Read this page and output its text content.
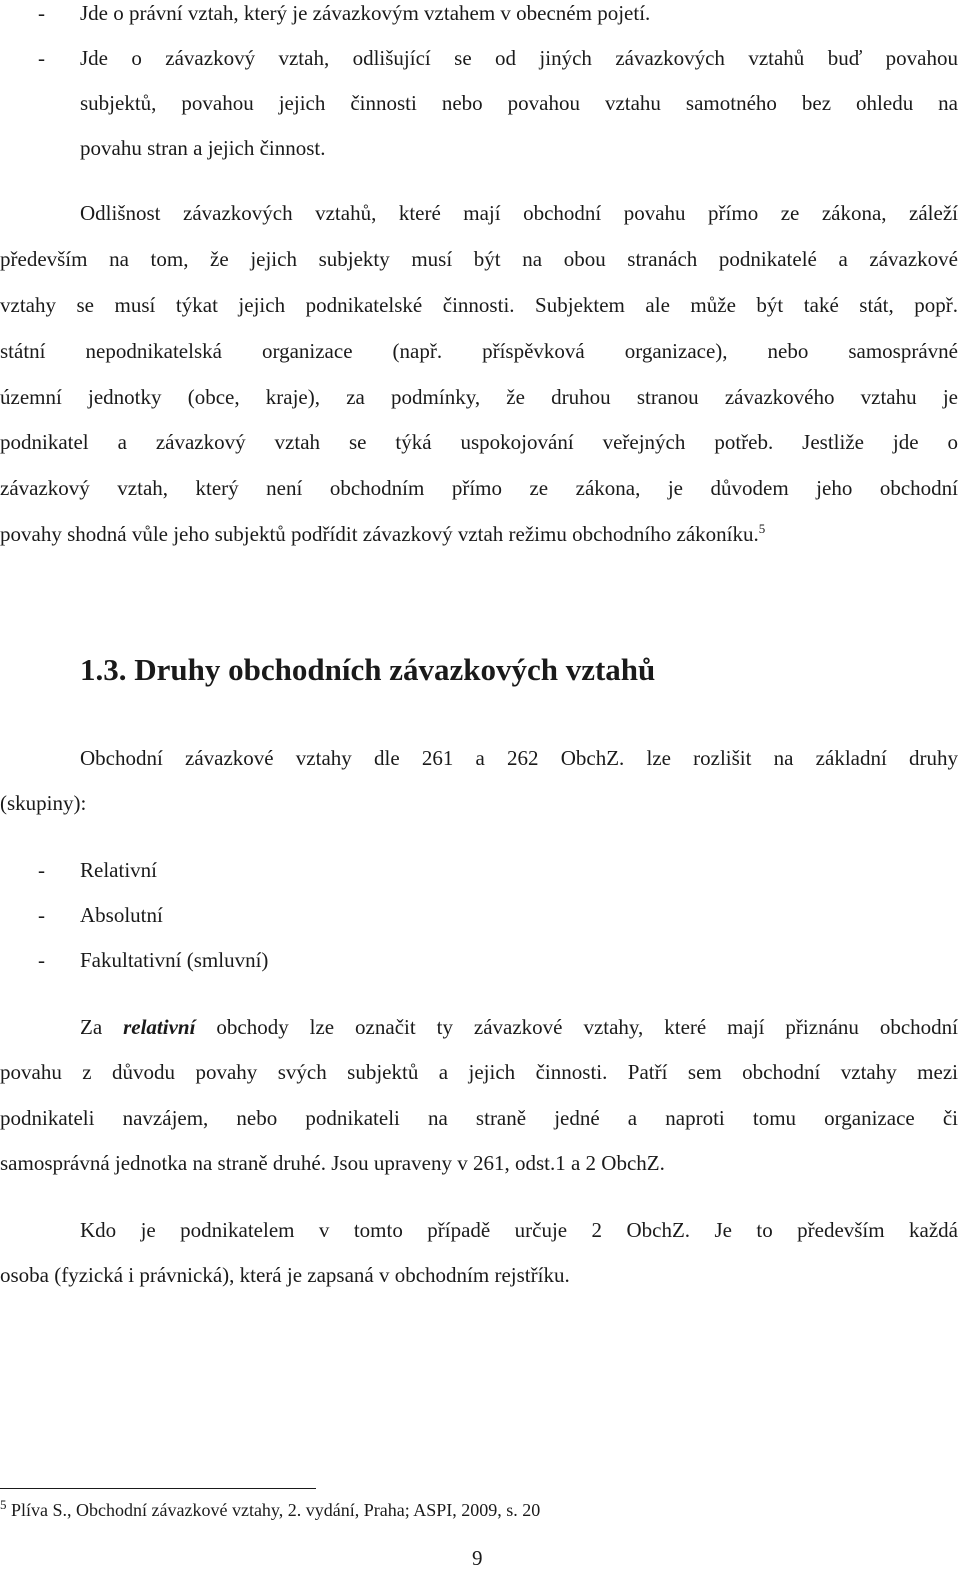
- Jde o právní vztah, který je závazkovým vztahem v obecném pojetí.
- Jde o závazkový vztah, odlišující se od jiných závazkových vztahů buď povahou
subjektů, povahou jejich činnosti nebo povahou vztahu samotného bez ohledu na
povahu stran a jejich činnost.
Odlišnost závazkových vztahů, které mají obchodní povahu přímo ze zákona, záleží
především na tom, že jejich subjekty musí být na obou stranách podnikatelé a závazkové
vztahy se musí týkat jejich podnikatelské činnosti. Subjektem ale může být také stát, popř.
státní nepodnikatelská organizace (např. příspěvková organizace), nebo samosprávné
územní jednotky (obce, kraje), za podmínky, že druhou stranou závazkového vztahu je
podnikatel a závazkový vztah se týká uspokojování veřejných potřeb. Jestliže jde o
závazkový vztah, který není obchodním přímo ze zákona, je důvodem jeho obchodní
povahy shodná vůle jeho subjektů podřídit závazkový vztah režimu obchodního zákoníku.$^5$
1.3. Druhy obchodních závazkových vztahů
Obchodní závazkové vztahy dle 261 a 262 ObchZ. lze rozlišit na základní druhy
(skupiny):
- Relativní
- Absolutní
- Fakultativní (smluvní)
Za relativní obchody lze označit ty závazkové vztahy, které mají přiznánu obchodní
povahu z důvodu povahy svých subjektů a jejich činnosti. Patří sem obchodní vztahy mezi
podnikateli navzájem, nebo podnikateli na straně jedné a naproti tomu organizace či
samosprávná jednotka na straně druhé. Jsou upraveny v 261, odst.1 a 2 ObchZ.
Kdo je podnikatelem v tomto případě určuje 2 ObchZ. Je to především každá
osoba (fyzická i právnická), která je zapsaná v obchodním rejstříku.
$^5$ Plíva S., Obchodní závazkové vztahy, 2. vydání, Praha; ASPI, 2009, s. 20
9
